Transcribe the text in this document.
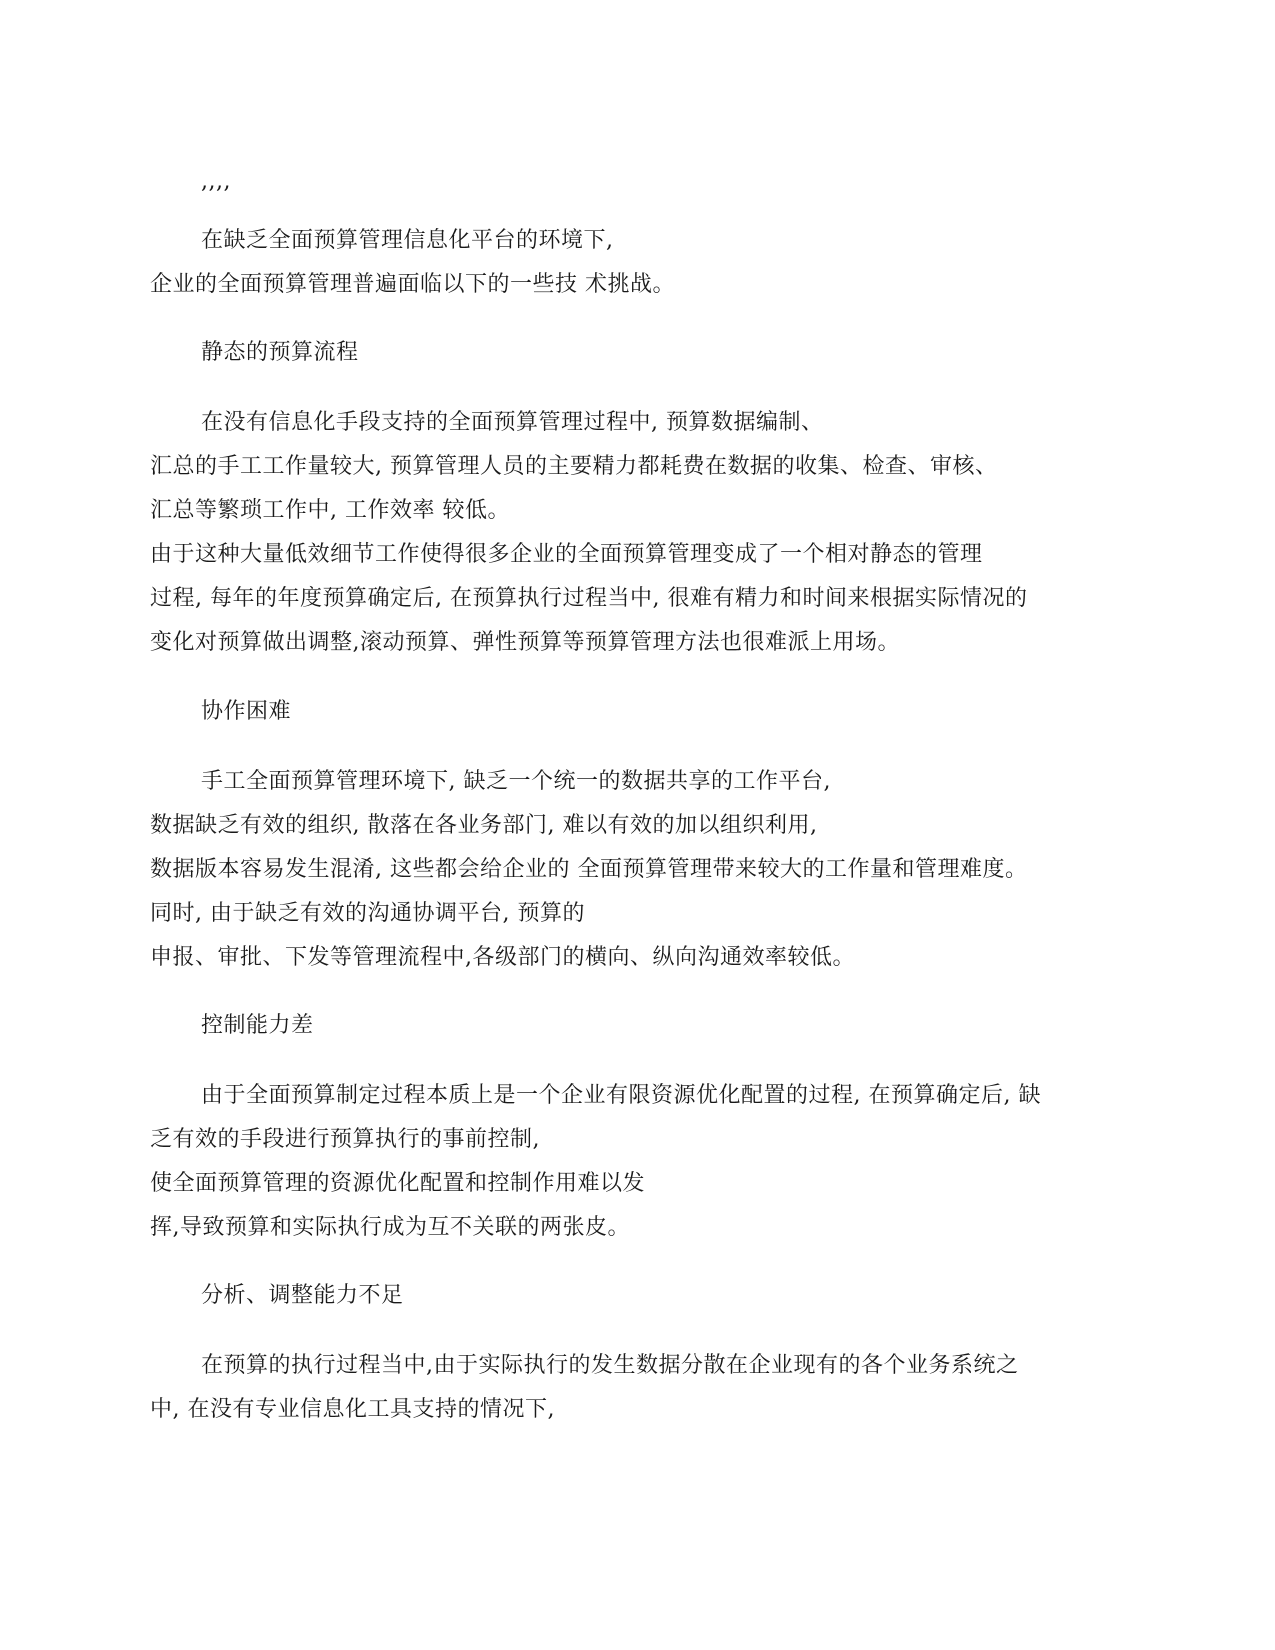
,,,,
在缺乏全面预算管理信息化平台的环境下,
企业的全面预算管理普遍面临以下的一些技 术挑战。
静态的预算流程
在没有信息化手段支持的全面预算管理过程中, 预算数据编制、
汇总的手工工作量较大, 预算管理人员的主要精力都耗费在数据的收集、检查、审核、
汇总等繁琐工作中, 工作效率 较低。
由于这种大量低效细节工作使得很多企业的全面预算管理变成了一个相对静态的管理
过程, 每年的年度预算确定后, 在预算执行过程当中, 很难有精力和时间来根据实际情况的
变化对预算做出调整,滚动预算、弹性预算等预算管理方法也很难派上用场。
协作困难
手工全面预算管理环境下, 缺乏一个统一的数据共享的工作平台,
数据缺乏有效的组织, 散落在各业务部门, 难以有效的加以组织利用,
数据版本容易发生混淆, 这些都会给企业的 全面预算管理带来较大的工作量和管理难度。
同时, 由于缺乏有效的沟通协调平台, 预算的
申报、审批、下发等管理流程中,各级部门的横向、纵向沟通效率较低。
控制能力差
由于全面预算制定过程本质上是一个企业有限资源优化配置的过程, 在预算确定后, 缺
乏有效的手段进行预算执行的事前控制,
使全面预算管理的资源优化配置和控制作用难以发
挥,导致预算和实际执行成为互不关联的两张皮。
分析、调整能力不足
在预算的执行过程当中,由于实际执行的发生数据分散在企业现有的各个业务系统之
中, 在没有专业信息化工具支持的情况下,
